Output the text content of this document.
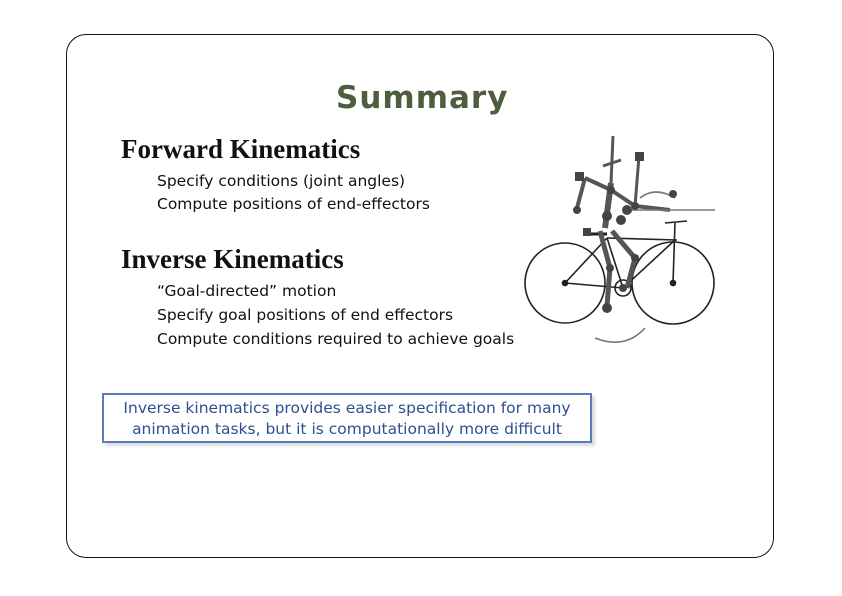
Summary
Forward Kinematics
Specify conditions (joint angles)
Compute positions of end-effectors
Inverse Kinematics
“Goal-directed” motion
Specify goal positions of end effectors
Compute conditions required to achieve goals
Inverse kinematics provides easier specification for many
animation tasks, but it is computationally more difficult
